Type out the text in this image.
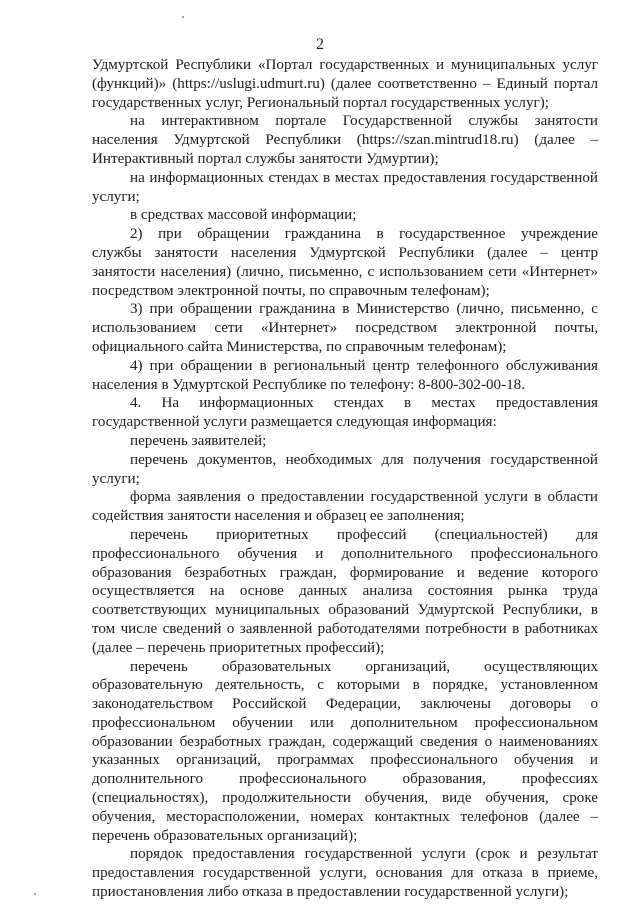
2
Удмуртской Республики «Портал государственных и муниципальных услуг
(функций)» (https://uslugi.udmurt.ru) (далее соответственно – Единый портал
государственных услуг, Региональный портал государственных услуг);
на интерактивном портале Государственной службы занятости
населения Удмуртской Республики (https://szan.mintrud18.ru) (далее –
Интерактивный портал службы занятости Удмуртии);
на информационных стендах в местах предоставления государственной
услуги;
в средствах массовой информации;
2) при обращении гражданина в государственное учреждение
службы занятости населения Удмуртской Республики (далее – центр
занятости населения) (лично, письменно, с использованием сети «Интернет»
посредством электронной почты, по справочным телефонам);
3) при обращении гражданина в Министерство (лично, письменно, с
использованием сети «Интернет» посредством электронной почты,
официального сайта Министерства, по справочным телефонам);
4) при обращении в региональный центр телефонного обслуживания
населения в Удмуртской Республике по телефону: 8-800-302-00-18.
4. На информационных стендах в местах предоставления
государственной услуги размещается следующая информация:
перечень заявителей;
перечень документов, необходимых для получения государственной
услуги;
форма заявления о предоставлении государственной услуги в области
содействия занятости населения и образец ее заполнения;
перечень приоритетных профессий (специальностей) для
профессионального обучения и дополнительного профессионального
образования безработных граждан, формирование и ведение которого
осуществляется на основе данных анализа состояния рынка труда
соответствующих муниципальных образований Удмуртской Республики, в
том числе сведений о заявленной работодателями потребности в работниках
(далее – перечень приоритетных профессий);
перечень образовательных организаций, осуществляющих
образовательную деятельность, с которыми в порядке, установленном
законодательством Российской Федерации, заключены договоры о
профессиональном обучении или дополнительном профессиональном
образовании безработных граждан, содержащий сведения о наименованиях
указанных организаций, программах профессионального обучения и
дополнительного профессионального образования, профессиях
(специальностях), продолжительности обучения, виде обучения, сроке
обучения, месторасположении, номерах контактных телефонов (далее –
перечень образовательных организаций);
порядок предоставления государственной услуги (срок и результат
предоставления государственной услуги, основания для отказа в приеме,
приостановления либо отказа в предоставлении государственной услуги);
